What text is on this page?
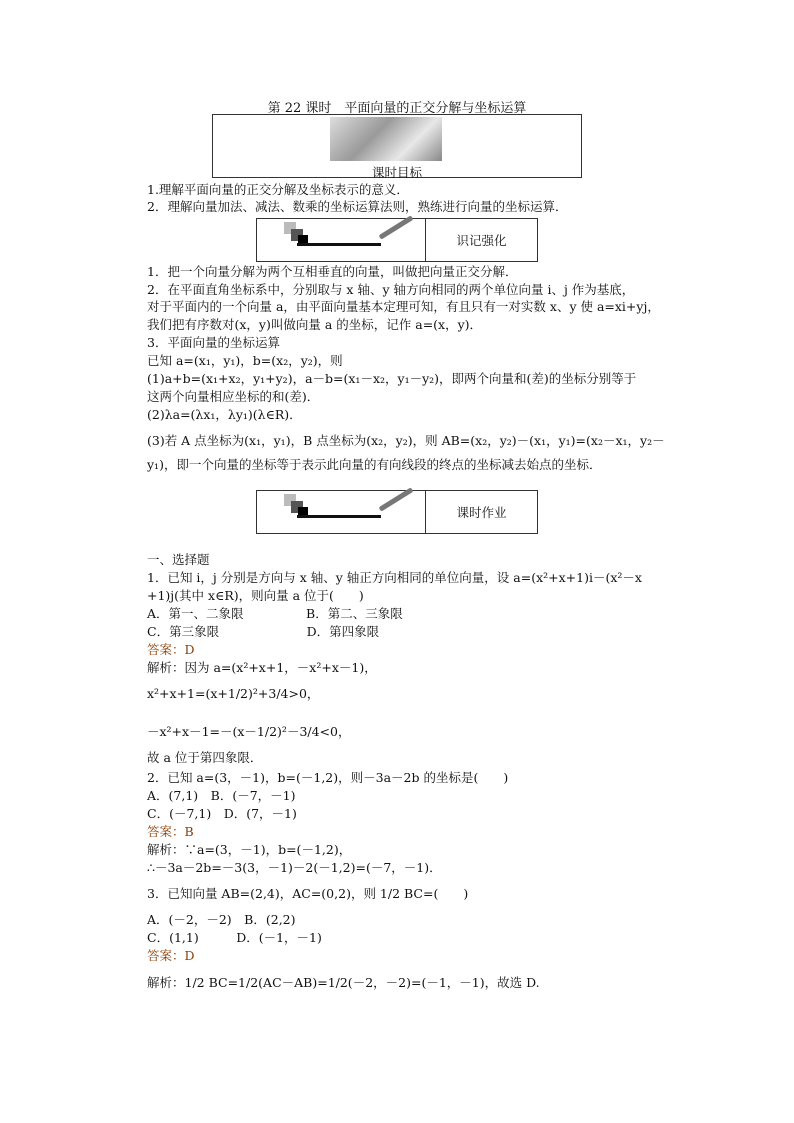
第 22 课时　平面向量的正交分解与坐标运算
课时目标
1.理解平面向量的正交分解及坐标表示的意义．
2．理解向量加法、减法、数乘的坐标运算法则，熟练进行向量的坐标运算．
识记强化
1．把一个向量分解为两个互相垂直的向量，叫做把向量正交分解．
2．在平面直角坐标系中，分别取与 x 轴、y 轴方向相同的两个单位向量 i、j 作为基底，
对于平面内的一个向量 a，由平面向量基本定理可知，有且只有一对实数 x、y 使 a=xi+yj，
我们把有序数对(x，y)叫做向量 a 的坐标，记作 a=(x，y)．
3．平面向量的坐标运算
已知 a=(x₁，y₁)，b=(x₂，y₂)，则
(1)a+b=(x₁+x₂，y₁+y₂)，a－b=(x₁－x₂，y₁－y₂)，即两个向量和(差)的坐标分别等于
这两个向量相应坐标的和(差)．
(2)λa=(λx₁，λy₁)(λ∈R)．
(3)若 A 点坐标为(x₁，y₁)，B 点坐标为(x₂，y₂)，则 AB=(x₂，y₂)－(x₁，y₁)=(x₂－x₁，y₂－
y₁)，即一个向量的坐标等于表示此向量的有向线段的终点的坐标减去始点的坐标．
课时作业
一、选择题
1．已知 i，j 分别是方向与 x 轴、y 轴正方向相同的单位向量，设 a=(x²+x+1)i－(x²－x
+1)j(其中 x∈R)，则向量 a 位于(　　)
A．第一、二象限　　　　　B．第二、三象限
C．第三象限　　　　　　　D．第四象限
答案：D
解析：因为 a=(x²+x+1，－x²+x－1)，
x²+x+1=(x+1/2)²+3/4>0，
－x²+x－1=－(x－1/2)²－3/4<0，
故 a 位于第四象限．
2．已知 a=(3，－1)，b=(－1,2)，则－3a－2b 的坐标是(　　)
A．(7,1)　B．(－7，－1)
C．(－7,1)　D．(7，－1)
答案：B
解析：∵a=(3，－1)，b=(－1,2)，
∴－3a－2b=－3(3，－1)－2(－1,2)=(－7，－1)．
3．已知向量 AB=(2,4)，AC=(0,2)，则 1/2 BC=(　　)
A．(－2，－2)　B．(2,2)
C．(1,1)　　　D．(－1，－1)
答案：D
解析：1/2 BC=1/2(AC－AB)=1/2(－2，－2)=(－1，－1)，故选 D.
